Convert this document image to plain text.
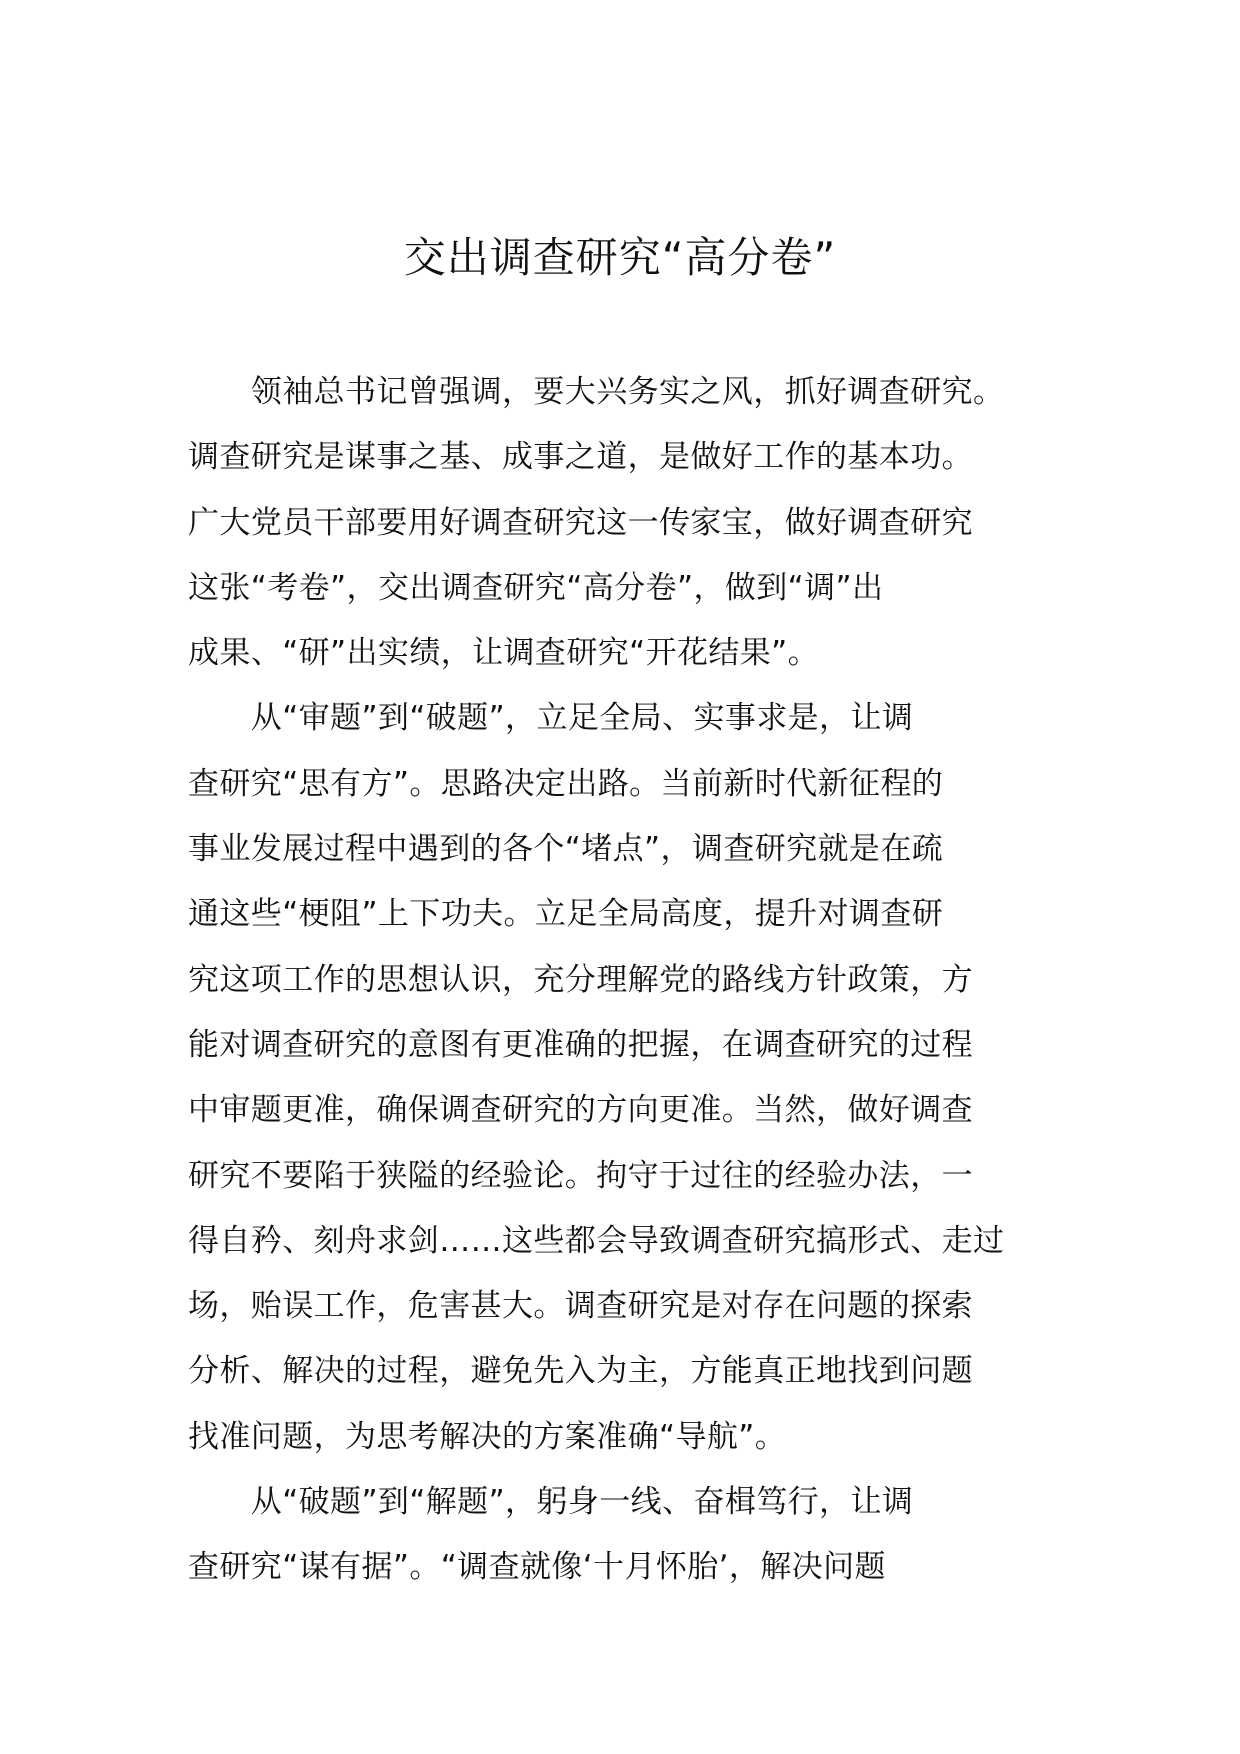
交出调查研究“高分卷”
　　领袖总书记曾强调，要大兴务实之风，抓好调查研究。
调查研究是谋事之基、成事之道，是做好工作的基本功。
广大党员干部要用好调查研究这一传家宝，做好调查研究
这张“考卷”，交出调查研究“高分卷”，做到“调”出
成果、“研”出实绩，让调查研究“开花结果”。
　　从“审题”到“破题”，立足全局、实事求是，让调
查研究“思有方”。思路决定出路。当前新时代新征程的
事业发展过程中遇到的各个“堵点”，调查研究就是在疏
通这些“梗阻”上下功夫。立足全局高度，提升对调查研
究这项工作的思想认识，充分理解党的路线方针政策，方
能对调查研究的意图有更准确的把握，在调查研究的过程
中审题更准，确保调查研究的方向更准。当然，做好调查
研究不要陷于狭隘的经验论。拘守于过往的经验办法，一
得自矜、刻舟求剑……这些都会导致调查研究搞形式、走过
场，贻误工作，危害甚大。调查研究是对存在问题的探索
分析、解决的过程，避免先入为主，方能真正地找到问题
找准问题，为思考解决的方案准确“导航”。
　　从“破题”到“解题”，躬身一线、奋楫笃行，让调
查研究“谋有据”。“调查就像‘十月怀胎’，解决问题
